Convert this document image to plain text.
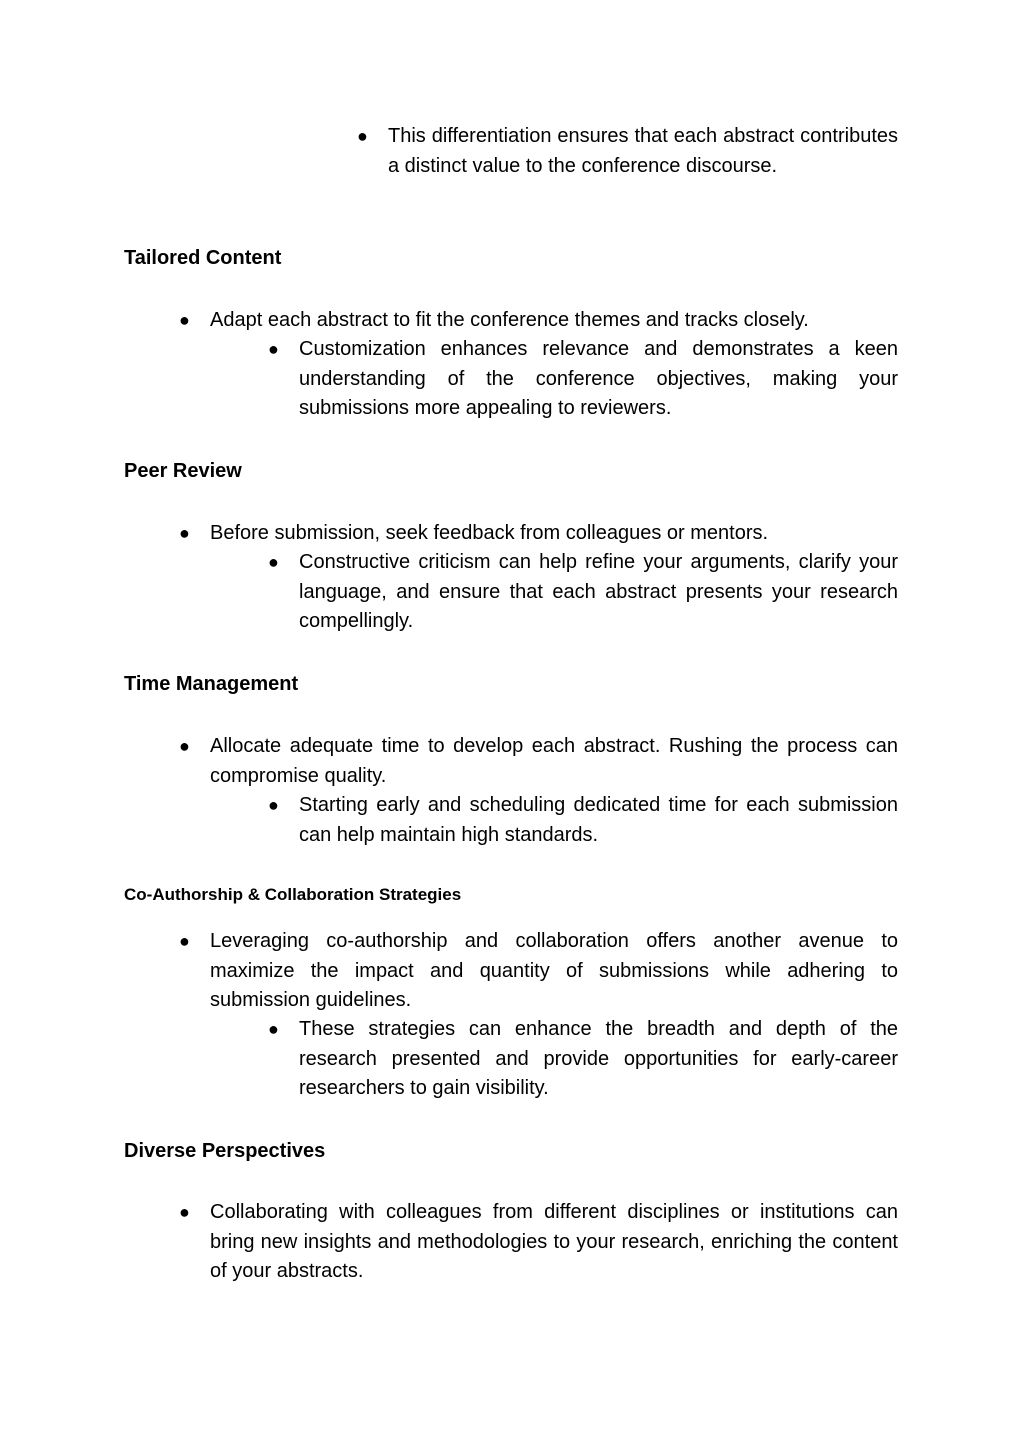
● This differentiation ensures that each abstract contributes a distinct value to the conference discourse.
Tailored Content
● Adapt each abstract to fit the conference themes and tracks closely.
● Customization enhances relevance and demonstrates a keen understanding of the conference objectives, making your submissions more appealing to reviewers.
Peer Review
● Before submission, seek feedback from colleagues or mentors.
● Constructive criticism can help refine your arguments, clarify your language, and ensure that each abstract presents your research compellingly.
Time Management
● Allocate adequate time to develop each abstract. Rushing the process can compromise quality.
● Starting early and scheduling dedicated time for each submission can help maintain high standards.
Co-Authorship & Collaboration Strategies
● Leveraging co-authorship and collaboration offers another avenue to maximize the impact and quantity of submissions while adhering to submission guidelines.
● These strategies can enhance the breadth and depth of the research presented and provide opportunities for early-career researchers to gain visibility.
Diverse Perspectives
● Collaborating with colleagues from different disciplines or institutions can bring new insights and methodologies to your research, enriching the content of your abstracts.
